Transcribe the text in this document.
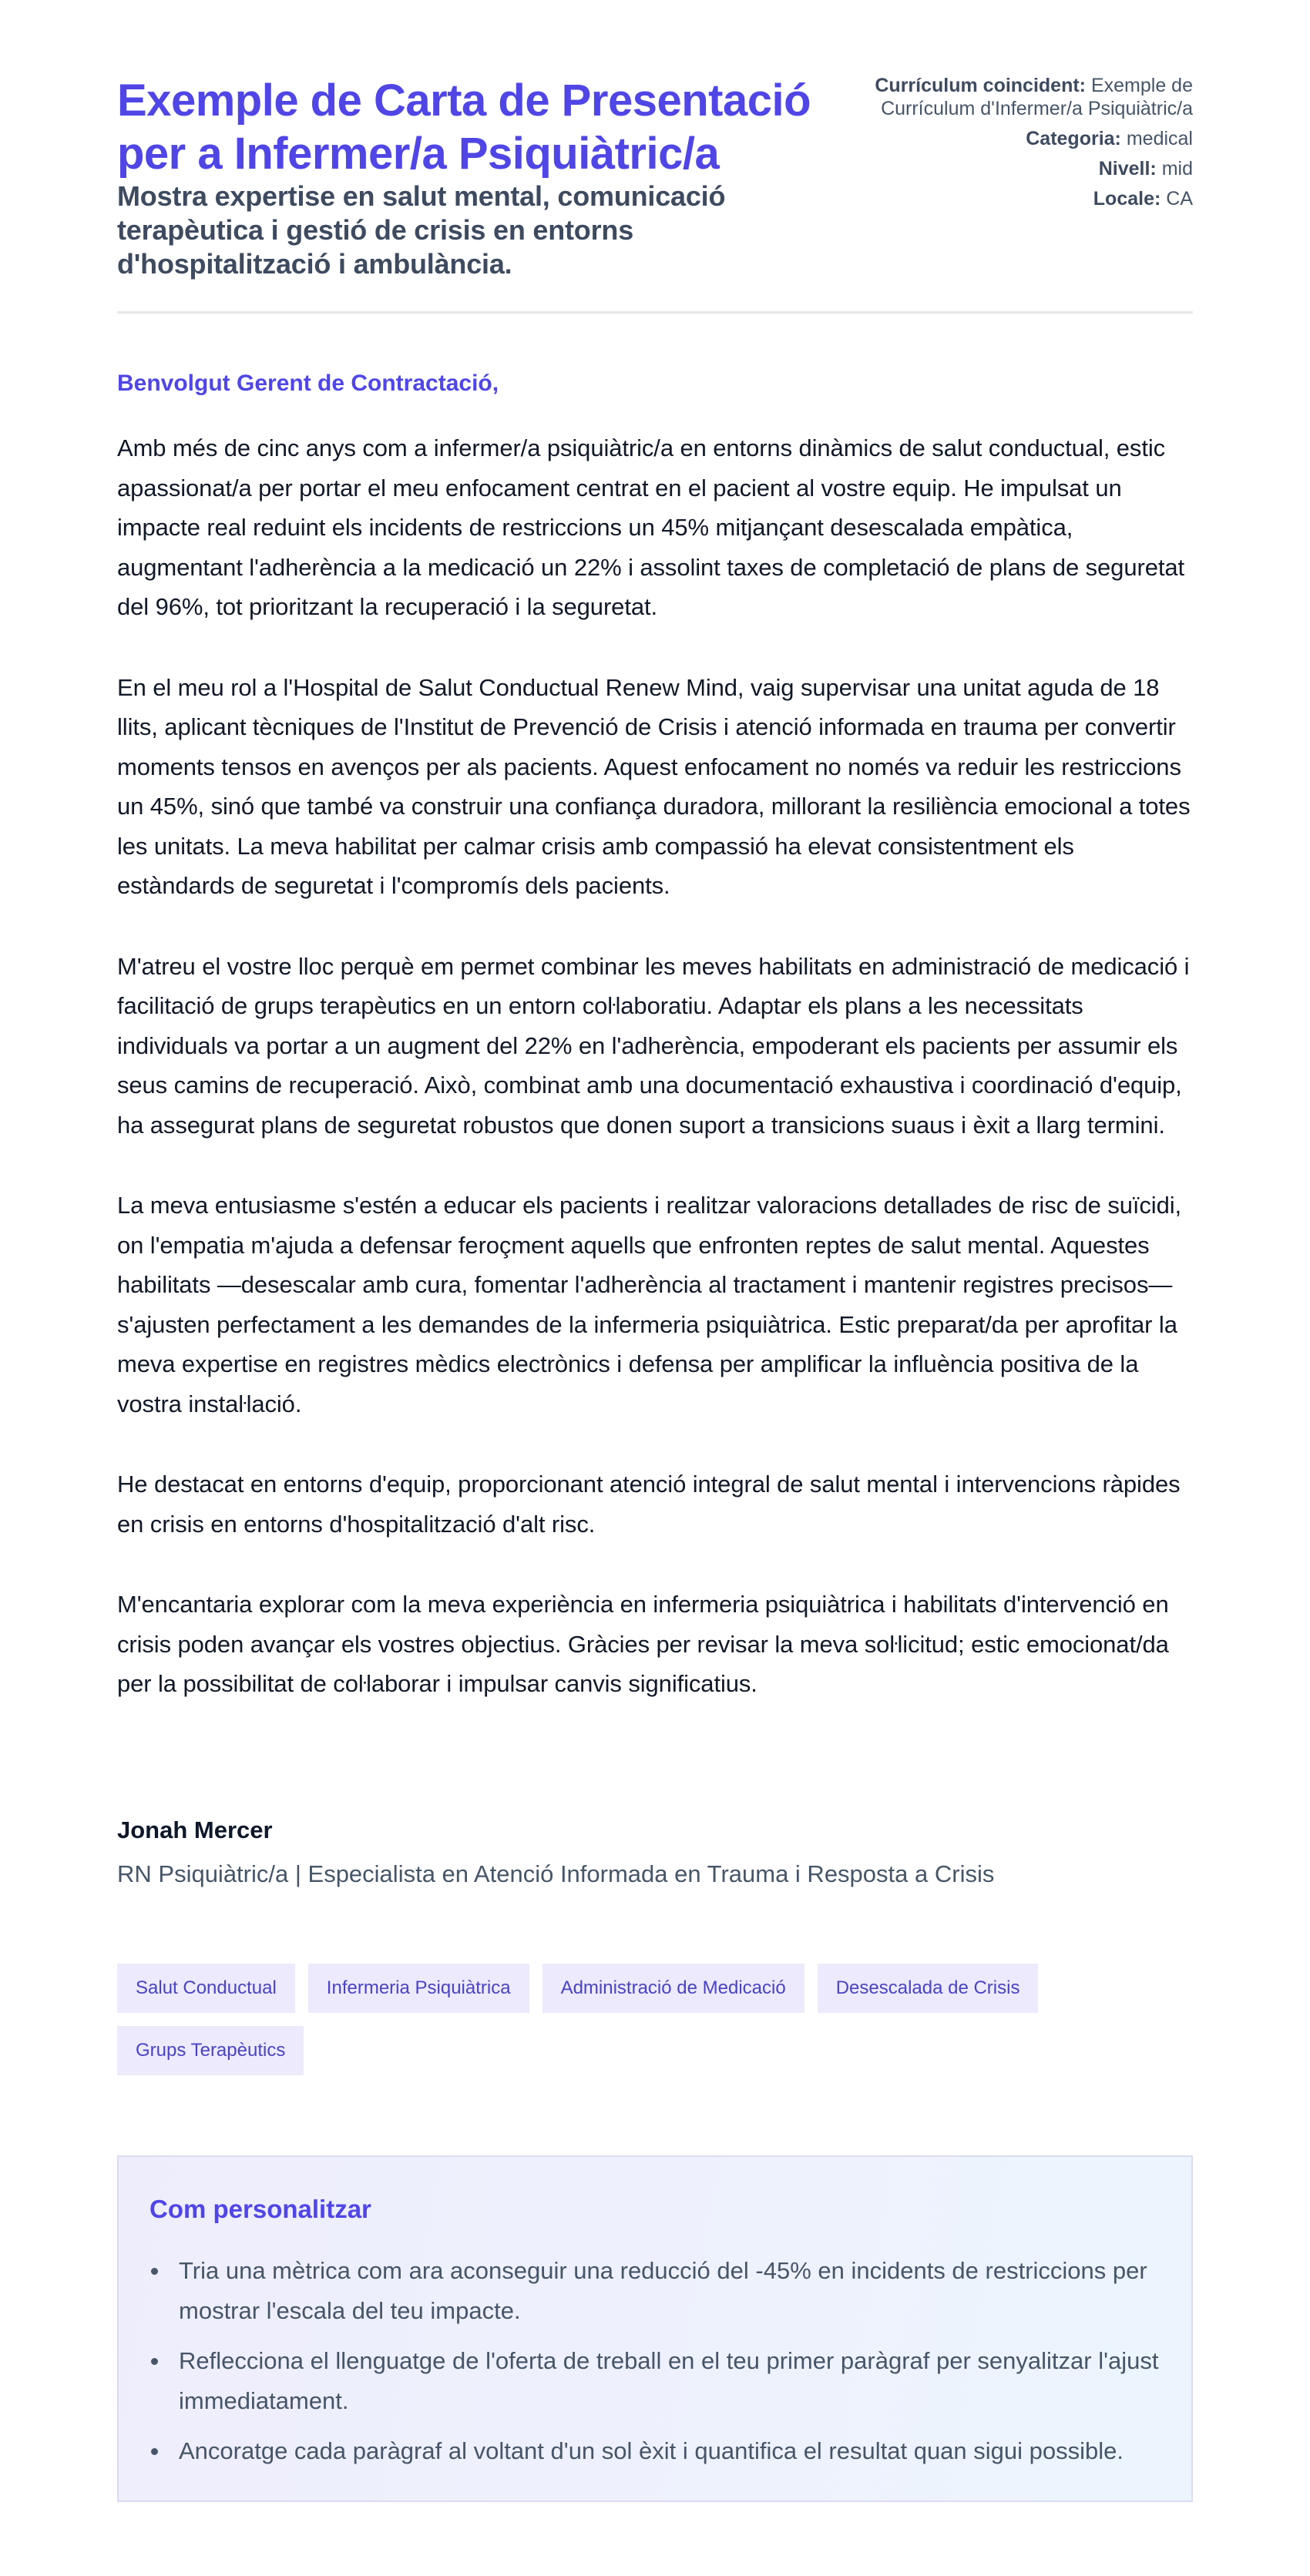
Exemple de Carta de Presentació per a Infermer/a Psiquiàtric/a
Mostra expertise en salut mental, comunicació terapèutica i gestió de crisis en entorns d'hospitalització i ambulància.
Currículum coincident: Exemple de Currículum d'Infermer/a Psiquiàtric/a
Categoria: medical
Nivell: mid
Locale: CA
Benvolgut Gerent de Contractació,

Amb més de cinc anys com a infermer/a psiquiàtric/a en entorns dinàmics de salut conductual, estic apassionat/a per portar el meu enfocament centrat en el pacient al vostre equip. He impulsat un impacte real reduint els incidents de restriccions un 45% mitjançant desescalada empàtica, augmentant l'adherència a la medicació un 22% i assolint taxes de completació de plans de seguretat del 96%, tot prioritzant la recuperació i la seguretat.

En el meu rol a l'Hospital de Salut Conductual Renew Mind, vaig supervisar una unitat aguda de 18 llits, aplicant tècniques de l'Institut de Prevenció de Crisis i atenció informada en trauma per convertir moments tensos en avenços per als pacients. Aquest enfocament no només va reduir les restriccions un 45%, sinó que també va construir una confiança duradora, millorant la resiliència emocional a totes les unitats. La meva habilitat per calmar crisis amb compassió ha elevat consistentment els estàndards de seguretat i l'compromís dels pacients.

M'atreu el vostre lloc perquè em permet combinar les meves habilitats en administració de medicació i facilitació de grups terapèutics en un entorn coŀlaboratiu. Adaptar els plans a les necessitats individuals va portar a un augment del 22% en l'adherència, empoderant els pacients per assumir els seus camins de recuperació. Això, combinat amb una documentació exhaustiva i coordinació d'equip, ha assegurat plans de seguretat robustos que donen suport a transicions suaus i èxit a llarg termini.

La meva entusiasme s'estén a educar els pacients i realitzar valoracions detallades de risc de suïcidi, on l'empatia m'ajuda a defensar feroçment aquells que enfronten reptes de salut mental. Aquestes habilitats —desescalar amb cura, fomentar l'adherència al tractament i mantenir registres precisos— s'ajusten perfectament a les demandes de la infermeria psiquiàtrica. Estic preparat/da per aprofitar la meva expertise en registres mèdics electrònics i defensa per amplificar la influència positiva de la vostra instaŀlació.

He destacat en entorns d'equip, proporcionant atenció integral de salut mental i intervencions ràpides en crisis en entorns d'hospitalització d'alt risc.

M'encantaria explorar com la meva experiència en infermeria psiquiàtrica i habilitats d'intervenció en crisis poden avançar els vostres objectius. Gràcies per revisar la meva soŀlicitud; estic emocionat/da per la possibilitat de coŀlaborar i impulsar canvis significatius.

Jonah Mercer
RN Psiquiàtric/a | Especialista en Atenció Informada en Trauma i Resposta a Crisis
Salut Conductual	Infermeria Psiquiàtrica	Administració de Medicació	Desescalada de Crisis
Grups Terapèutics
Com personalitzar
Tria una mètrica com ara aconseguir una reducció del -45% en incidents de restriccions per mostrar l'escala del teu impacte.
Reflecciona el llenguatge de l'oferta de treball en el teu primer paràgraf per senyalitzar l'ajust immediatament.
Ancoratge cada paràgraf al voltant d'un sol èxit i quantifica el resultat quan sigui possible.
